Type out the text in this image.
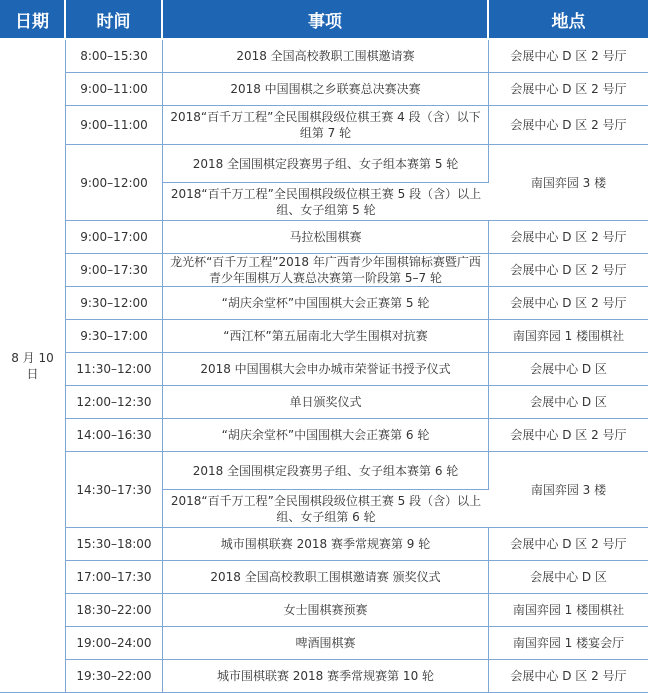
日期	时间	事项	地点
8 月 10 日	8:00–15:30	2018 全国高校教职工围棋邀请赛	会展中心 D 区 2 号厅
	9:00–11:00	2018 中国围棋之乡联赛总决赛决赛	会展中心 D 区 2 号厅
	9:00–11:00	2018“百千万工程”全民围棋段级位棋王赛 4 段（含）以下组第 7 轮	会展中心 D 区 2 号厅
	9:00–12:00	2018 全国围棋定段赛男子组、女子组本赛第 5 轮	南国弈园 3 楼
		2018“百千万工程”全民围棋段级位棋王赛 5 段（含）以上组、女子组第 5 轮	
	9:00–17:00	马拉松围棋赛	会展中心 D 区 2 号厅
	9:00–17:30	龙光杯“百千万工程”2018 年广西青少年围棋锦标赛暨广西青少年围棋万人赛总决赛第一阶段第 5–7 轮	会展中心 D 区 2 号厅
	9:30–12:00	“胡庆余堂杯”中国围棋大会正赛第 5 轮	会展中心 D 区 2 号厅
	9:30–17:00	“西江杯”第五届南北大学生围棋对抗赛	南国弈园 1 楼围棋社
	11:30–12:00	2018 中国围棋大会申办城市荣誉证书授予仪式	会展中心 D 区
	12:00–12:30	单日颁奖仪式	会展中心 D 区
	14:00–16:30	“胡庆余堂杯”中国围棋大会正赛第 6 轮	会展中心 D 区 2 号厅
	14:30–17:30	2018 全国围棋定段赛男子组、女子组本赛第 6 轮	南国弈园 3 楼
		2018“百千万工程”全民围棋段级位棋王赛 5 段（含）以上组、女子组第 6 轮	
	15:30–18:00	城市围棋联赛 2018 赛季常规赛第 9 轮	会展中心 D 区 2 号厅
	17:00–17:30	2018 全国高校教职工围棋邀请赛 颁奖仪式	会展中心 D 区
	18:30–22:00	女士围棋赛预赛	南国弈园 1 楼围棋社
	19:00–24:00	啤酒围棋赛	南国弈园 1 楼宴会厅
	19:30–22:00	城市围棋联赛 2018 赛季常规赛第 10 轮	会展中心 D 区 2 号厅
